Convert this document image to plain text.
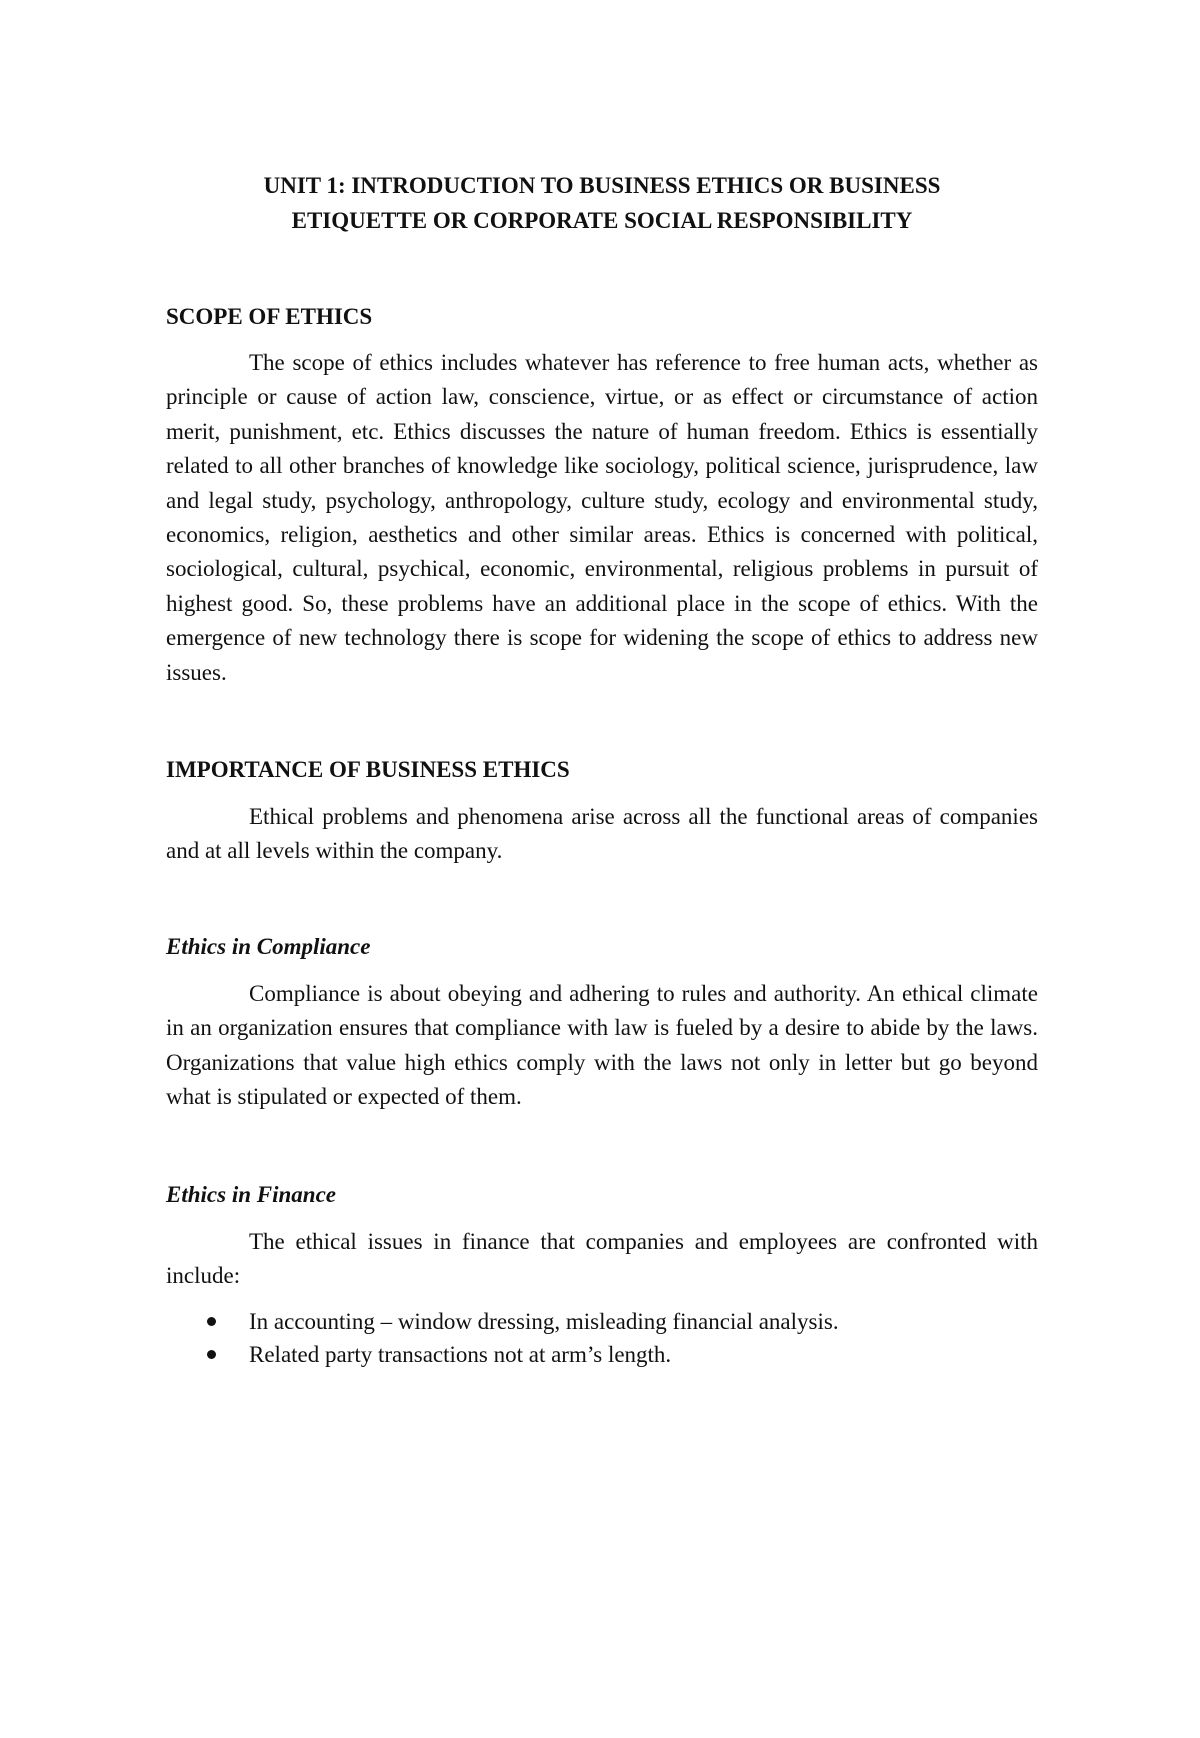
UNIT 1: INTRODUCTION TO BUSINESS ETHICS OR BUSINESS
ETIQUETTE OR CORPORATE SOCIAL RESPONSIBILITY
SCOPE OF ETHICS

The scope of ethics includes whatever has reference to free human acts, whether as principle or cause of action law, conscience, virtue, or as effect or circumstance of action merit, punishment, etc. Ethics discusses the nature of human freedom. Ethics is essentially related to all other branches of knowledge like sociology, political science, jurisprudence, law and legal study, psychology, anthropology, culture study, ecology and environmental study, economics, religion, aesthetics and other similar areas. Ethics is concerned with political, sociological, cultural, psychical, economic, environmental, religious problems in pursuit of highest good. So, these problems have an additional place in the scope of ethics. With the emergence of new technology there is scope for widening the scope of ethics to address new issues.

IMPORTANCE OF BUSINESS ETHICS

Ethical problems and phenomena arise across all the functional areas of companies and at all levels within the company.

Ethics in Compliance

Compliance is about obeying and adhering to rules and authority. An ethical climate in an organization ensures that compliance with law is fueled by a desire to abide by the laws. Organizations that value high ethics comply with the laws not only in letter but go beyond what is stipulated or expected of them.

Ethics in Finance

The ethical issues in finance that companies and employees are confronted with include:

In accounting – window dressing, misleading financial analysis.
Related party transactions not at arm’s length.
